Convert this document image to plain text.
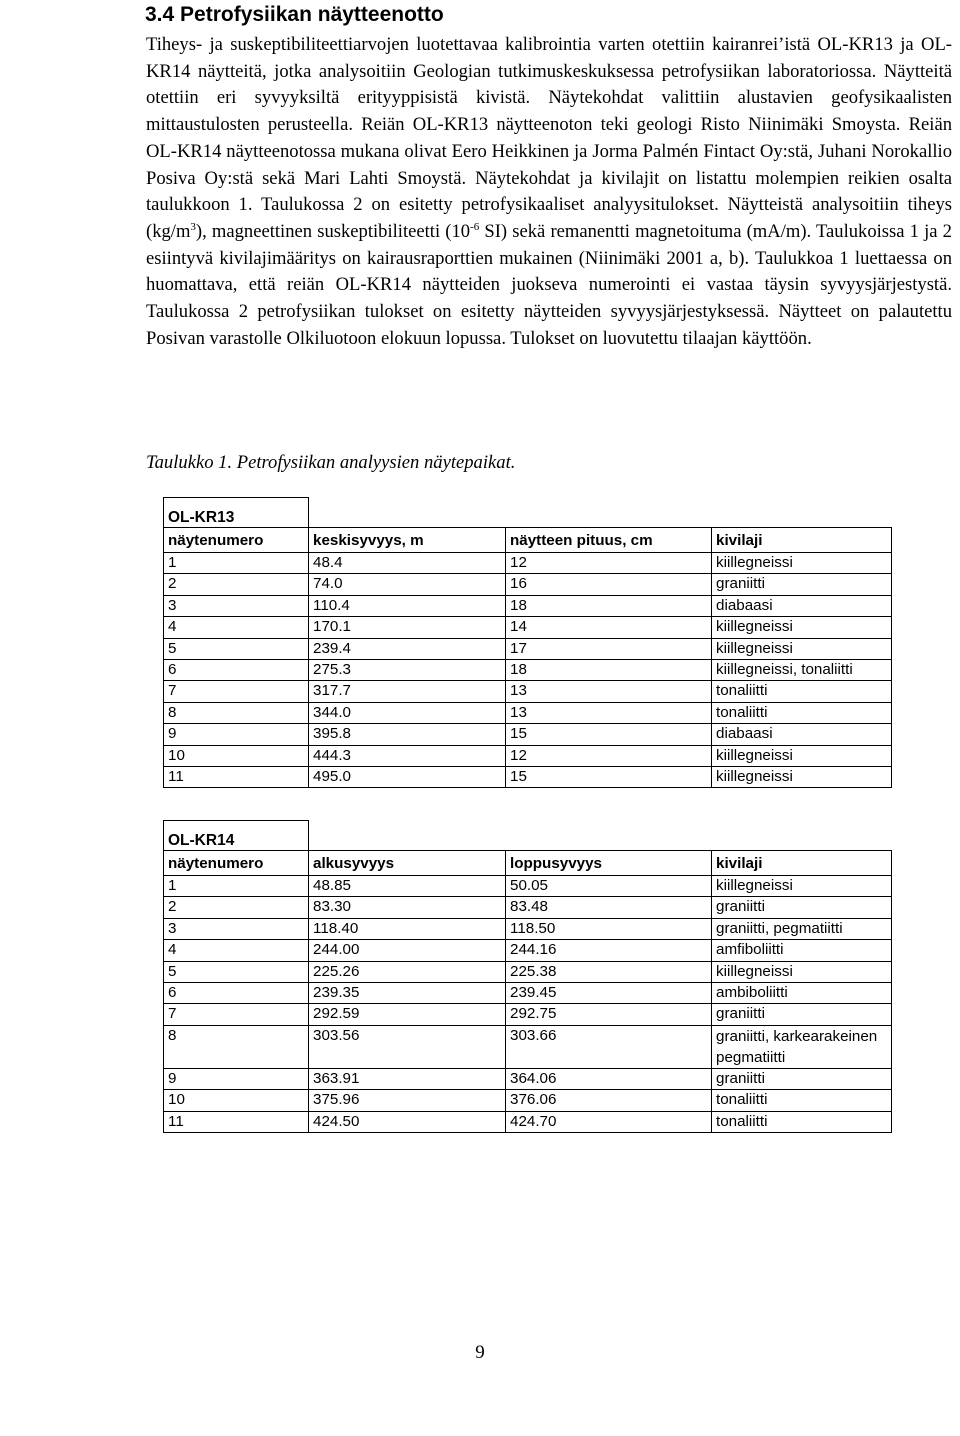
3.4 Petrofysiikan näytteenotto

Tiheys- ja suskeptibiliteettiarvojen luotettavaa kalibrointia varten otettiin kairanrei’istä OL-KR13 ja OL-KR14 näytteitä, jotka analysoitiin Geologian tutkimuskeskuksessa petrofysiikan laboratoriossa. Näytteitä otettiin eri syvyyksiltä erityyppisistä kivistä. Näytekohdat valittiin alustavien geofysikaalisten mittaustulosten perusteella. Reiän OL-KR13 näytteenoton teki geologi Risto Niinimäki Smoysta. Reiän OL-KR14 näytteenotossa mukana olivat Eero Heikkinen ja Jorma Palmén Fintact Oy:stä, Juhani Norokallio Posiva Oy:stä sekä Mari Lahti Smoystä. Näytekohdat ja kivilajit on listattu molempien reikien osalta taulukkoon 1. Taulukossa 2 on esitetty petrofysikaaliset analyysitulokset. Näytteistä analysoitiin tiheys $(kg/m^3)$, magneettinen suskeptibiliteetti ($10^{-6}$ SI) sekä remanentti magnetoituma (mA/m). Taulukoissa 1 ja 2 esiintyvä kivilajimääritys on kairausraporttien mukainen (Niinimäki 2001 a, b). Taulukkoa 1 luettaessa on huomattava, että reiän OL-KR14 näytteiden juokseva numerointi ei vastaa täysin syvyysjärjestystä. Taulukossa 2 petrofysiikan tulokset on esitetty näytteiden syvyysjärjestyksessä. Näytteet on palautettu Posivan varastolle Olkiluotoon elokuun lopussa. Tulokset on luovutettu tilaajan käyttöön.

Taulukko 1. Petrofysiikan analyysien näytepaikat.

OL-KR13			
näytenumero	keskisyvyys, m	näytteen pituus, cm	kivilaji
1	48.4	12	kiillegneissi
2	74.0	16	graniitti
3	110.4	18	diabaasi
4	170.1	14	kiillegneissi
5	239.4	17	kiillegneissi
6	275.3	18	kiillegneissi, tonaliitti
7	317.7	13	tonaliitti
8	344.0	13	tonaliitti
9	395.8	15	diabaasi
10	444.3	12	kiillegneissi
11	495.0	15	kiillegneissi
OL-KR14			
näytenumero	alkusyvyys	loppusyvyys	kivilaji
1	48.85	50.05	kiillegneissi
2	83.30	83.48	graniitti
3	118.40	118.50	graniitti, pegmatiitti
4	244.00	244.16	amfiboliitti
5	225.26	225.38	kiillegneissi
6	239.35	239.45	ambiboliitti
7	292.59	292.75	graniitti
8	303.56	303.66	graniitti, karkearakeinen pegmatiitti
9	363.91	364.06	graniitti
10	375.96	376.06	tonaliitti
11	424.50	424.70	tonaliitti

9
